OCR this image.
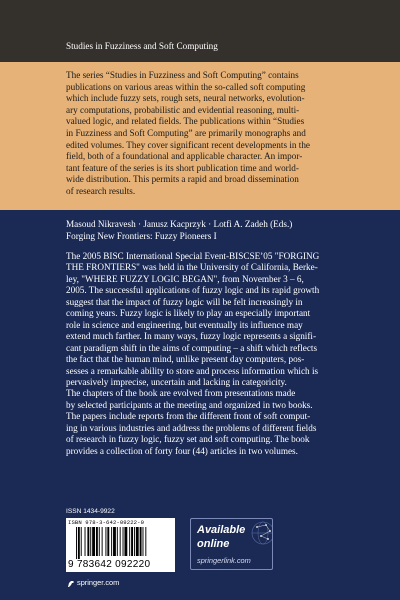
Studies in Fuzziness and Soft Computing
The series “Studies in Fuzziness and Soft Computing” contains
publications on various areas within the so-called soft computing
which include fuzzy sets, rough sets, neural networks, evolution-
ary computations, probabilistic and evidential reasoning, multi-
valued logic, and related fields. The publications within “Studies
in Fuzziness and Soft Computing” are primarily monographs and
edited volumes. They cover significant recent developments in the
field, both of a foundational and applicable character. An impor-
tant feature of the series is its short publication time and world-
wide distribution. This permits a rapid and broad dissemination
of research results.
Masoud Nikravesh · Janusz Kacprzyk · Lotfi A. Zadeh (Eds.)
Forging New Frontiers: Fuzzy Pioneers I
The 2005 BISC International Special Event-BISCSE’05 "FORGING
THE FRONTIERS" was held in the University of California, Berke-
ley, "WHERE FUZZY LOGIC BEGAN", from November 3 – 6,
2005. The successful applications of fuzzy logic and its rapid growth
suggest that the impact of fuzzy logic will be felt increasingly in
coming years. Fuzzy logic is likely to play an especially important
role in science and engineering, but eventually its influence may
extend much farther. In many ways, fuzzy logic represents a signifi-
cant paradigm shift in the aims of computing – a shift which reflects
the fact that the human mind, unlike present day computers, pos-
sesses a remarkable ability to store and process information which is
pervasively imprecise, uncertain and lacking in categoricity.
The chapters of the book are evolved from presentations made
by selected participants at the meeting and organized in two books.
The papers include reports from the different front of soft comput-
ing in various industries and address the problems of different fields
of research in fuzzy logic, fuzzy set and soft computing. The book
provides a collection of forty four (44) articles in two volumes.
ISSN 1434-9922
ISBN 978-3-642-09222-0
9 783642 092220
Available
online
springerlink.com
springer.com
